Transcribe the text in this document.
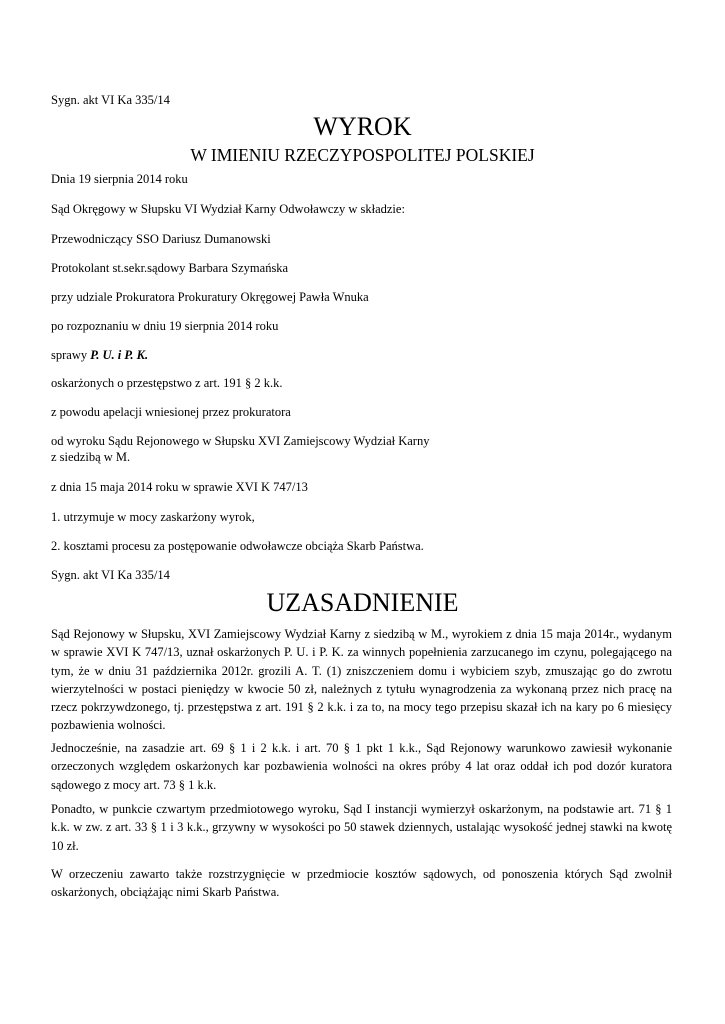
Sygn. akt VI Ka 335/14
WYROK
W IMIENIU RZECZYPOSPOLITEJ POLSKIEJ
Dnia 19 sierpnia 2014 roku
Sąd Okręgowy w Słupsku VI Wydział Karny Odwoławczy w składzie:
Przewodniczący SSO Dariusz Dumanowski
Protokolant st.sekr.sądowy Barbara Szymańska
przy udziale Prokuratora Prokuratury Okręgowej Pawła Wnuka
po rozpoznaniu w dniu 19 sierpnia 2014 roku
sprawy P. U. i P. K.
oskarżonych o przestępstwo z art. 191 § 2 k.k.
z powodu apelacji wniesionej przez prokuratora
od wyroku Sądu Rejonowego w Słupsku XVI Zamiejscowy Wydział Karny
z siedzibą w M.
z dnia 15 maja 2014 roku w sprawie XVI K 747/13
1. utrzymuje w mocy zaskarżony wyrok,
2. kosztami procesu za postępowanie odwoławcze obciąża Skarb Państwa.
Sygn. akt VI Ka 335/14
UZASADNIENIE
Sąd Rejonowy w Słupsku, XVI Zamiejscowy Wydział Karny z siedzibą w M., wyrokiem z dnia 15 maja 2014r., wydanym w sprawie XVI K 747/13, uznał oskarżonych P. U. i P. K. za winnych popełnienia zarzucanego im czynu, polegającego na tym, że w dniu 31 października 2012r. grozili A. T. (1) zniszczeniem domu i wybiciem szyb, zmuszając go do zwrotu wierzytelności w postaci pieniędzy w kwocie 50 zł, należnych z tytułu wynagrodzenia za wykonaną przez nich pracę na rzecz pokrzywdzonego, tj. przestępstwa z art. 191 § 2 k.k. i za to, na mocy tego przepisu skazał ich na kary po 6 miesięcy pozbawienia wolności.
Jednocześnie, na zasadzie art. 69 § 1 i 2 k.k. i art. 70 § 1 pkt 1 k.k., Sąd Rejonowy warunkowo zawiesił wykonanie orzeczonych względem oskarżonych kar pozbawienia wolności na okres próby 4 lat oraz oddał ich pod dozór kuratora sądowego z mocy art. 73 § 1 k.k.
Ponadto, w punkcie czwartym przedmiotowego wyroku, Sąd I instancji wymierzył oskarżonym, na podstawie art. 71 § 1 k.k. w zw. z art. 33 § 1 i 3 k.k., grzywny w wysokości po 50 stawek dziennych, ustalając wysokość jednej stawki na kwotę 10 zł.
W orzeczeniu zawarto także rozstrzygnięcie w przedmiocie kosztów sądowych, od ponoszenia których Sąd zwolnił oskarżonych, obciążając nimi Skarb Państwa.
